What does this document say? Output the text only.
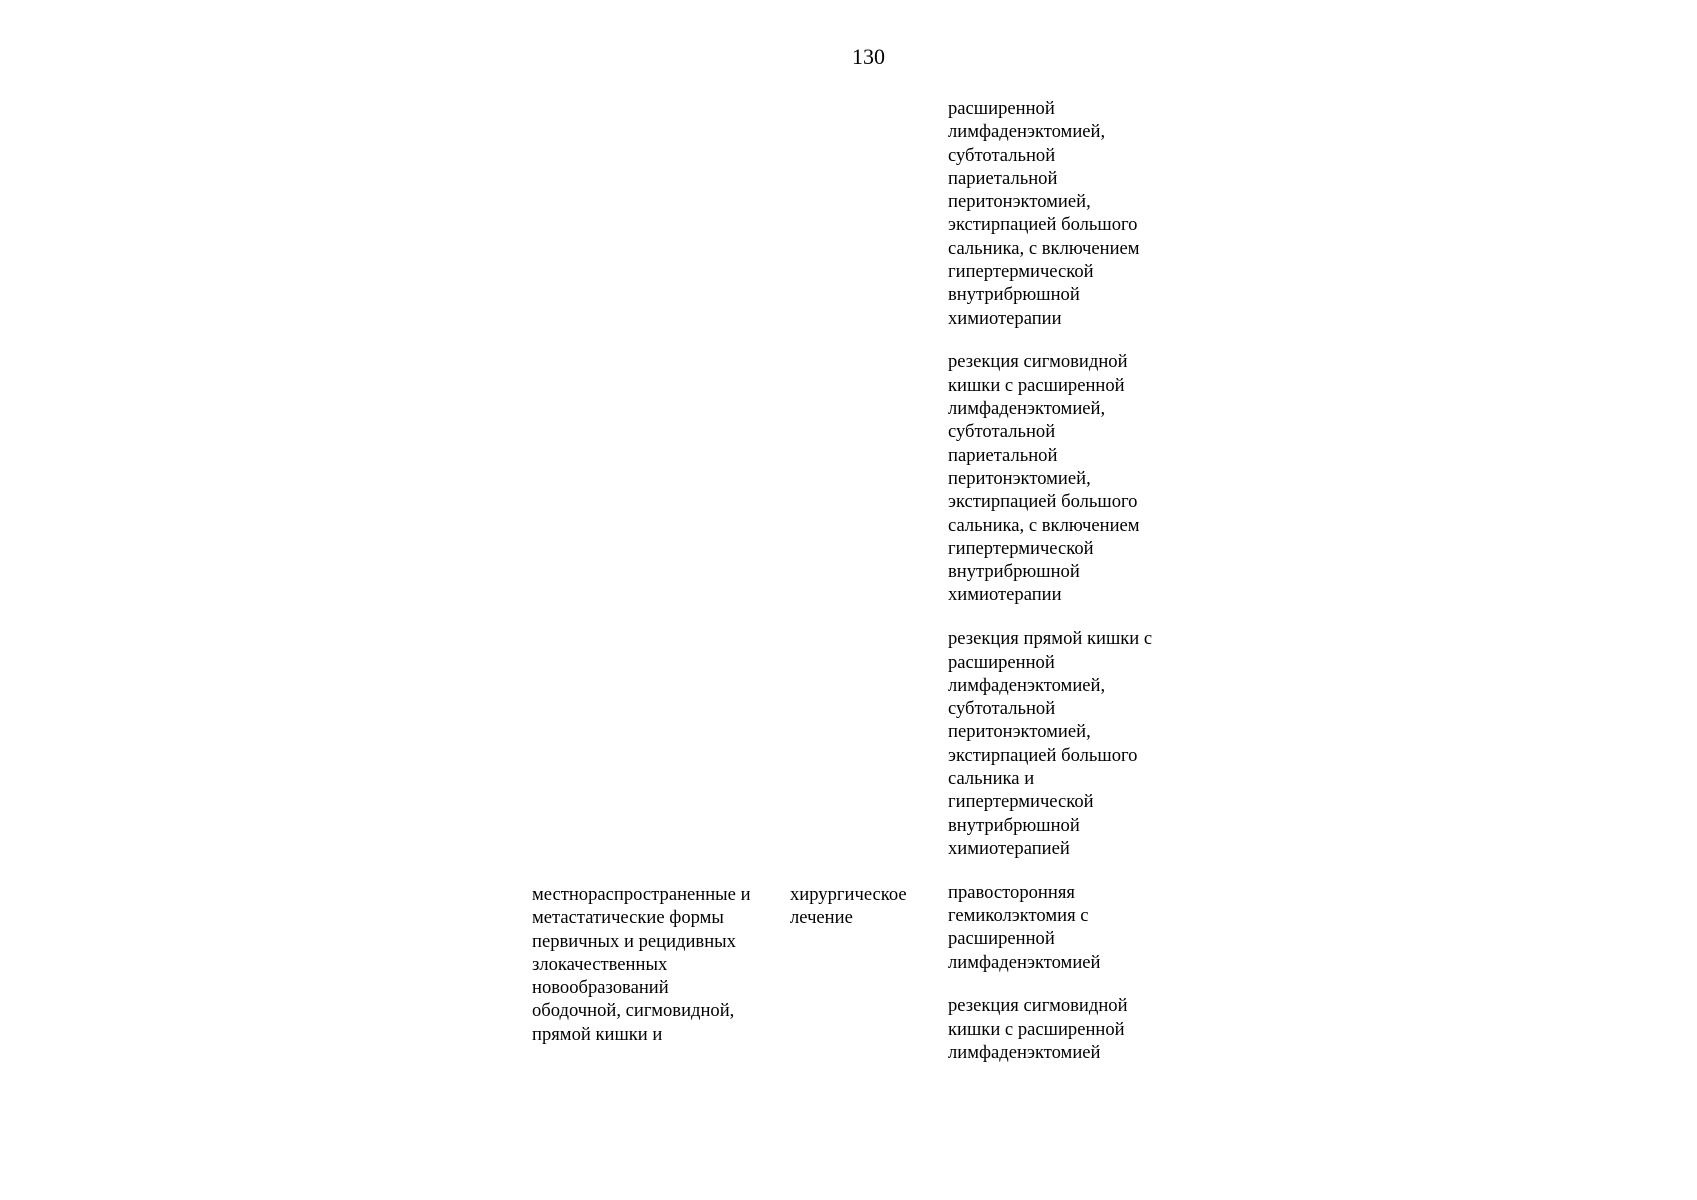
130
местнораспространенные и
метастатические формы
первичных и рецидивных
злокачественных
новообразований
ободочной, сигмовидной,
прямой кишки и
хирургическое
лечение
расширенной
лимфаденэктомией,
субтотальной
париетальной
перитонэктомией,
экстирпацией большого
сальника, с включением
гипертермической
внутрибрюшной
химиотерапии
резекция сигмовидной
кишки с расширенной
лимфаденэктомией,
субтотальной
париетальной
перитонэктомией,
экстирпацией большого
сальника, с включением
гипертермической
внутрибрюшной
химиотерапии
резекция прямой кишки с
расширенной
лимфаденэктомией,
субтотальной
перитонэктомией,
экстирпацией большого
сальника и
гипертермической
внутрибрюшной
химиотерапией
правосторонняя
гемиколэктомия с
расширенной
лимфаденэктомией
резекция сигмовидной
кишки с расширенной
лимфаденэктомией
